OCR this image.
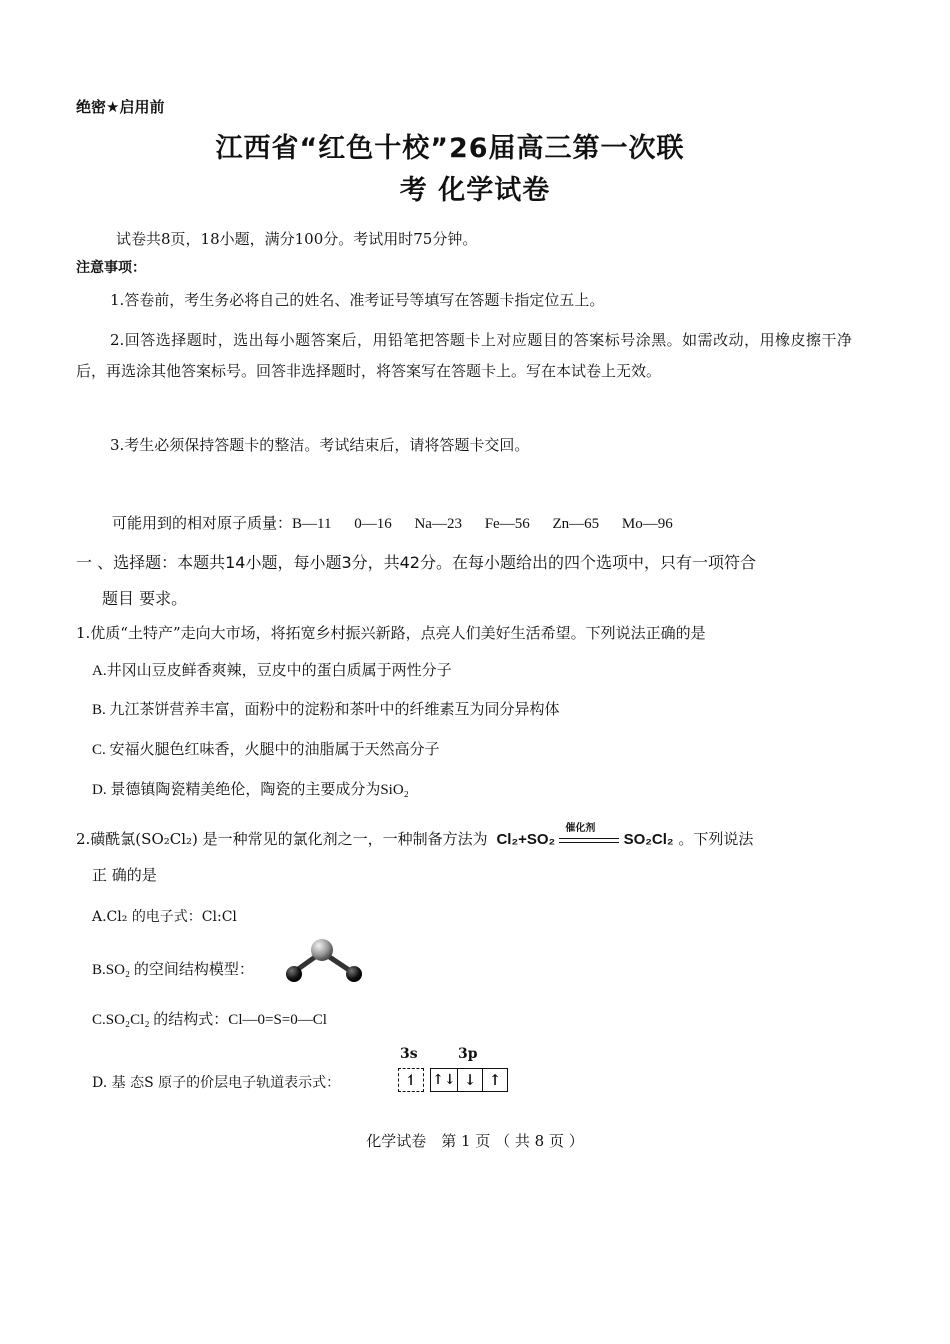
绝密★启用前
江西省“红色十校”26届高三第一次联
考 化学试卷
试卷共8页，18小题，满分100分。考试用时75分钟。
注意事项：
1.答卷前，考生务必将自己的姓名、准考证号等填写在答题卡指定位五上。
2.回答选择题时，选出每小题答案后，用铅笔把答题卡上对应题目的答案标号涂黑。如需改动，用橡皮擦干净后，再选涂其他答案标号。回答非选择题时，将答案写在答题卡上。写在本试卷上无效。
3.考生必须保持答题卡的整洁。考试结束后，请将答题卡交回。
可能用到的相对原子质量：B—11　 0—16　 Na—23　 Fe—56　 Zn—65　 Mo—96
一 、选择题：本题共14小题，每小题3分，共42分。在每小题给出的四个选项中，只有一项符合
题目 要求。
1.优质“土特产”走向大市场，将拓宽乡村振兴新路，点亮人们美好生活希望。下列说法正确的是
A.井冈山豆皮鲜香爽辣，豆皮中的蛋白质属于两性分子
B. 九江茶饼营养丰富，面粉中的淀粉和茶叶中的纤维素互为同分异构体
C. 安福火腿色红味香，火腿中的油脂属于天然高分子
D. 景德镇陶瓷精美绝伦，陶瓷的主要成分为SiO₂
2.磺酰氯(SO₂Cl₂) 是一种常见的氯化剂之一，一种制备方法为 Cl₂+SO₂
催化剂
SO₂Cl₂ 。下列说法
正 确的是
A.Cl₂ 的电子式：Cl:Cl
B.SO₂ 的空间结构模型：
C.SO₂Cl₂ 的结构式：Cl—0=S=0—Cl
D. 基 态S 原子的价层电子轨道表示式：
3s	3p
↿	↑↓ ↓ ↑
化学试卷　第 1 页 （ 共 8 页 ）
